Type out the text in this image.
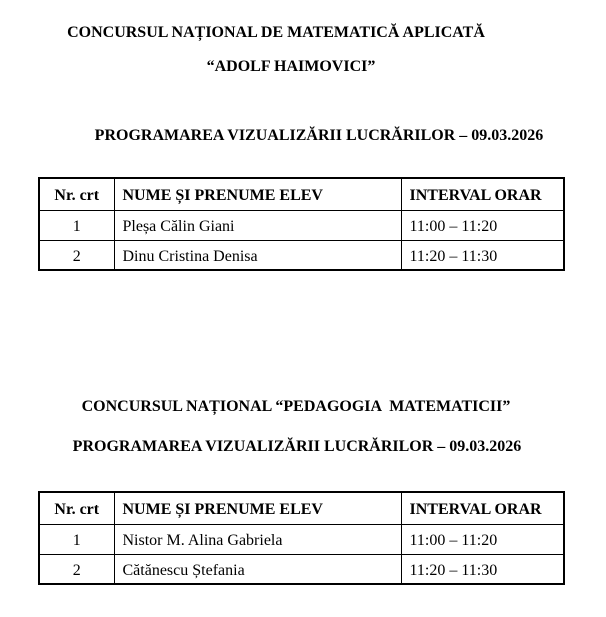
CONCURSUL NAȚIONAL DE MATEMATICĂ APLICATĂ
“ADOLF HAIMOVICI”
PROGRAMAREA VIZUALIZĂRII LUCRĂRILOR – 09.03.2026
Nr. crt	NUME ȘI PRENUME ELEV	INTERVAL ORAR
1	Pleșa Călin Giani	11:00 – 11:20
2	Dinu Cristina Denisa	11:20 – 11:30
CONCURSUL NAȚIONAL “PEDAGOGIA  MATEMATICII”
PROGRAMAREA VIZUALIZĂRII LUCRĂRILOR – 09.03.2026
Nr. crt	NUME ȘI PRENUME ELEV	INTERVAL ORAR
1	Nistor M. Alina Gabriela	11:00 – 11:20
2	Cătănescu Ștefania	11:20 – 11:30
